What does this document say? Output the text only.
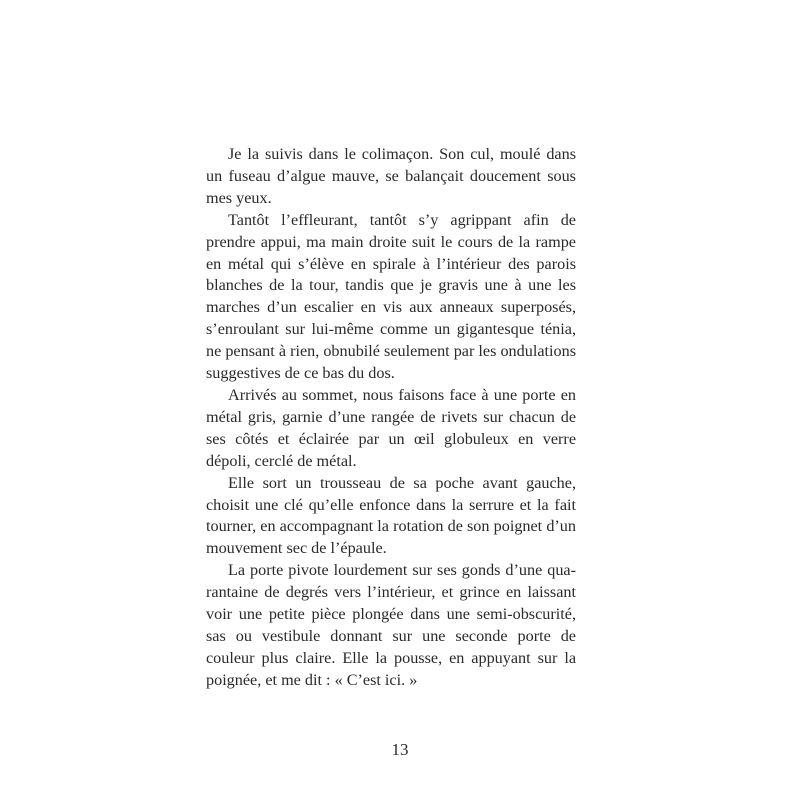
Je la suivis dans le colimaçon. Son cul, moulé dans un fuseau d’algue mauve, se balançait doucement sous mes yeux.

Tantôt l’effleurant, tantôt s’y agrippant afin de prendre appui, ma main droite suit le cours de la rampe en métal qui s’élève en spirale à l’intérieur des parois blanches de la tour, tandis que je gravis une à une les marches d’un escalier en vis aux anneaux superposés, s’enroulant sur lui-même comme un gigantesque ténia, ne pensant à rien, obnubilé seulement par les ondulations suggestives de ce bas du dos.

Arrivés au sommet, nous faisons face à une porte en métal gris, garnie d’une rangée de rivets sur chacun de ses côtés et éclairée par un œil globuleux en verre dépoli, cerclé de métal.

Elle sort un trousseau de sa poche avant gauche, choisit une clé qu’elle enfonce dans la serrure et la fait tourner, en accompagnant la rotation de son poignet d’un mouvement sec de l’épaule.

La porte pivote lourdement sur ses gonds d’une quarantaine de degrés vers l’intérieur, et grince en laissant voir une petite pièce plongée dans une semi-obscurité, sas ou vestibule donnant sur une seconde porte de couleur plus claire. Elle la pousse, en appuyant sur la poignée, et me dit : « C’est ici. »

13
